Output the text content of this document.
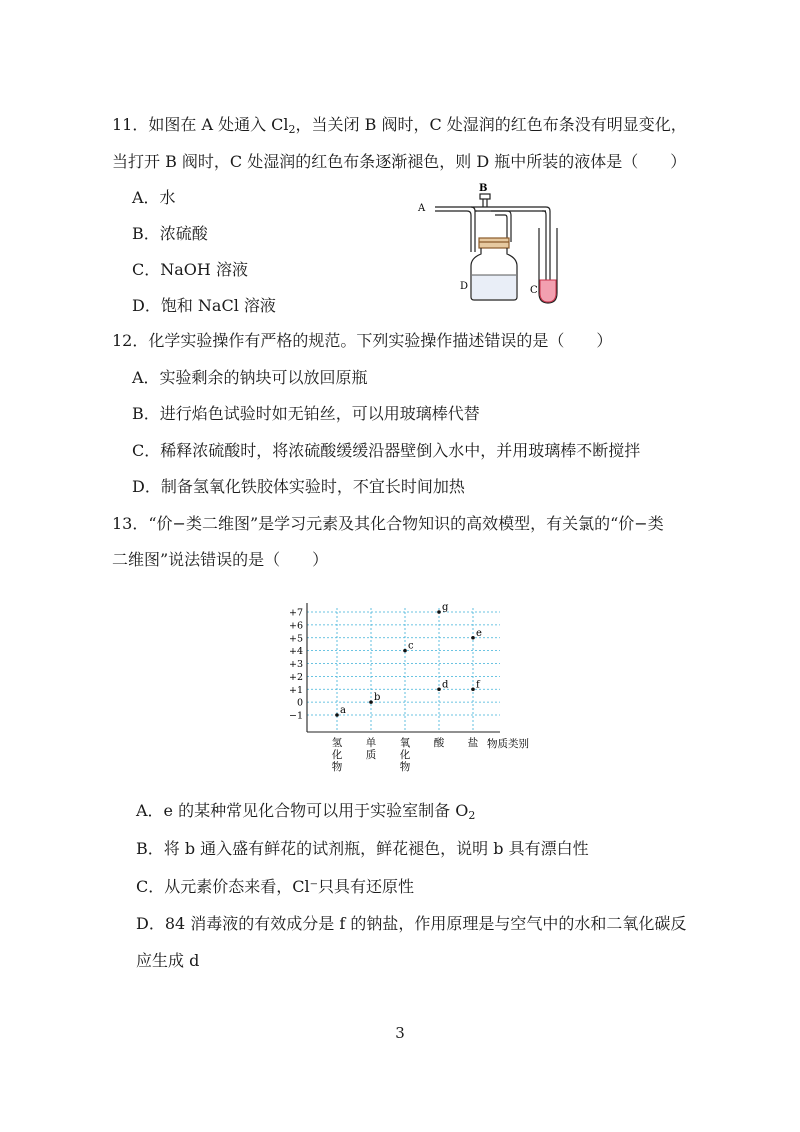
11．如图在 A 处通入 $Cl_2$，当关闭 B 阀时，C 处湿润的红色布条没有明显变化，
当打开 B 阀时，C 处湿润的红色布条逐渐褪色，则 D 瓶中所装的液体是（　　）
A．水
B．浓硫酸
C．NaOH 溶液
D．饱和 NaCl 溶液
A
B
D	C
12．化学实验操作有严格的规范。下列实验操作描述错误的是（　　）
A．实验剩余的钠块可以放回原瓶
B．进行焰色试验时如无铂丝，可以用玻璃棒代替
C．稀释浓硫酸时，将浓硫酸缓缓沿器壁倒入水中，并用玻璃棒不断搅拌
D．制备氢氧化铁胶体实验时，不宜长时间加热
13．“价−类二维图”是学习元素及其化合物知识的高效模型，有关氯的“价−类
二维图”说法错误的是（　　）
+7
+6
+5
+4
+3
+2
+1
0
−1
氢
化
物
单
质
氧
化
物
酸 盐
a
b
c
d
g
e
f
物质类别
A．e 的某种常见化合物可以用于实验室制备 $O_2$
B．将 b 通入盛有鲜花的试剂瓶，鲜花褪色，说明 b 具有漂白性
C．从元素价态来看，Cl⁻只具有还原性
D．84 消毒液的有效成分是 f 的钠盐，作用原理是与空气中的水和二氧化碳反
应生成 d
3
